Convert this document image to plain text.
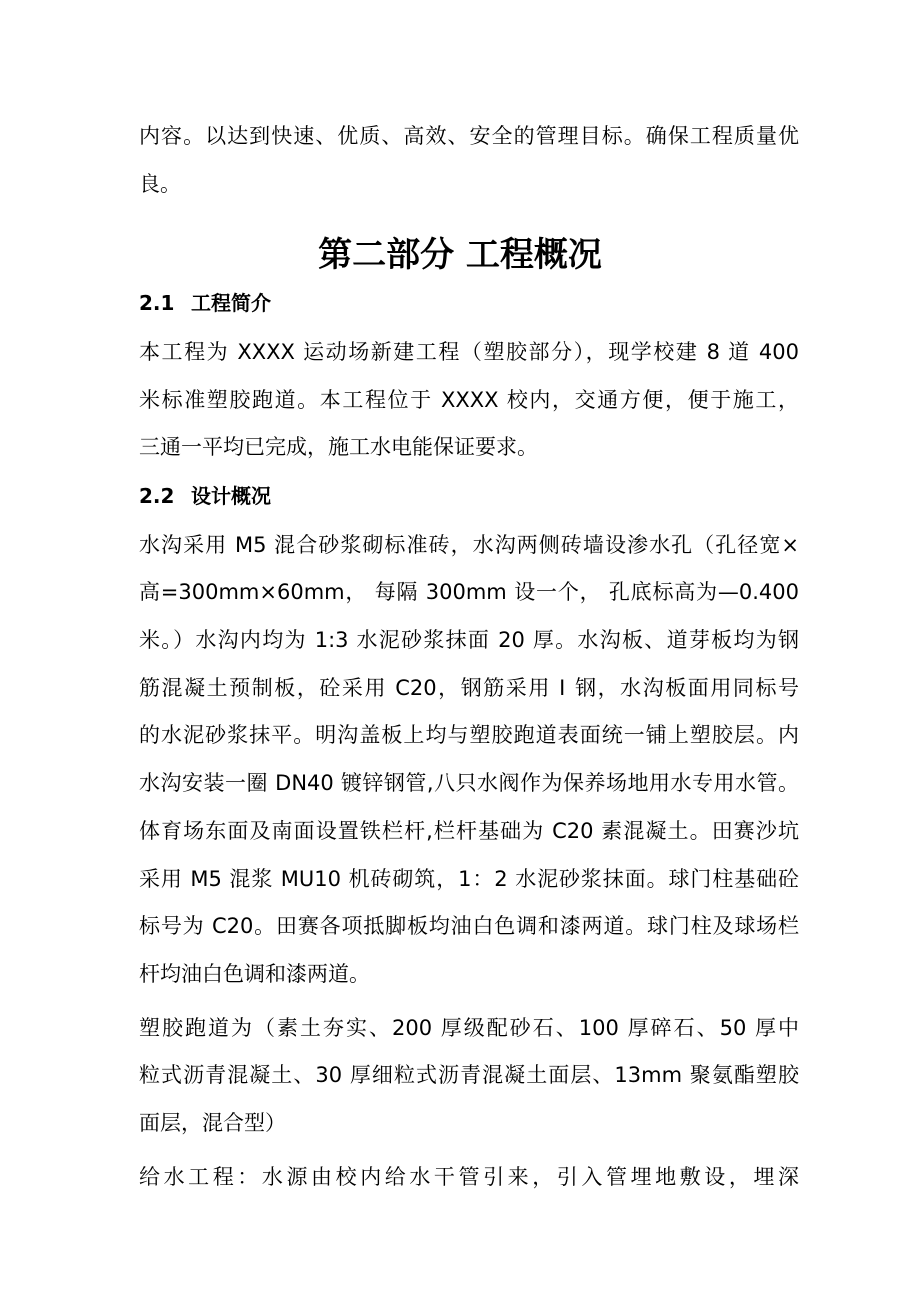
内容。以达到快速、优质、高效、安全的管理目标。确保工程质量优
良。
第二部分 工程概况
2.1 工程简介
本工程为 XXXX 运动场新建工程（塑胶部分），现学校建 8 道 400
米标准塑胶跑道。本工程位于 XXXX 校内，交通方便，便于施工，
三通一平均已完成，施工水电能保证要求。
2.2 设计概况
水沟采用 M5 混合砂浆砌标准砖，水沟两侧砖墙设渗水孔（孔径宽×
高=300mm×60mm， 每隔 300mm 设一个， 孔底标高为—0.400
米。）水沟内均为 1:3 水泥砂浆抹面 20 厚。水沟板、道芽板均为钢
筋混凝土预制板，砼采用 C20，钢筋采用 Ⅰ 钢，水沟板面用同标号
的水泥砂浆抹平。明沟盖板上均与塑胶跑道表面统一铺上塑胶层。内
水沟安装一圈 DN40 镀锌钢管,八只水阀作为保养场地用水专用水管。
体育场东面及南面设置铁栏杆,栏杆基础为 C20 素混凝土。田赛沙坑
采用 M5 混浆 MU10 机砖砌筑，1：2 水泥砂浆抹面。球门柱基础砼
标号为 C20。田赛各项抵脚板均油白色调和漆两道。球门柱及球场栏
杆均油白色调和漆两道。
塑胶跑道为（素土夯实、200 厚级配砂石、100 厚碎石、50 厚中
粒式沥青混凝土、30 厚细粒式沥青混凝土面层、13mm 聚氨酯塑胶
面层，混合型）
给水工程：水源由校内给水干管引来，引入管埋地敷设，埋深
